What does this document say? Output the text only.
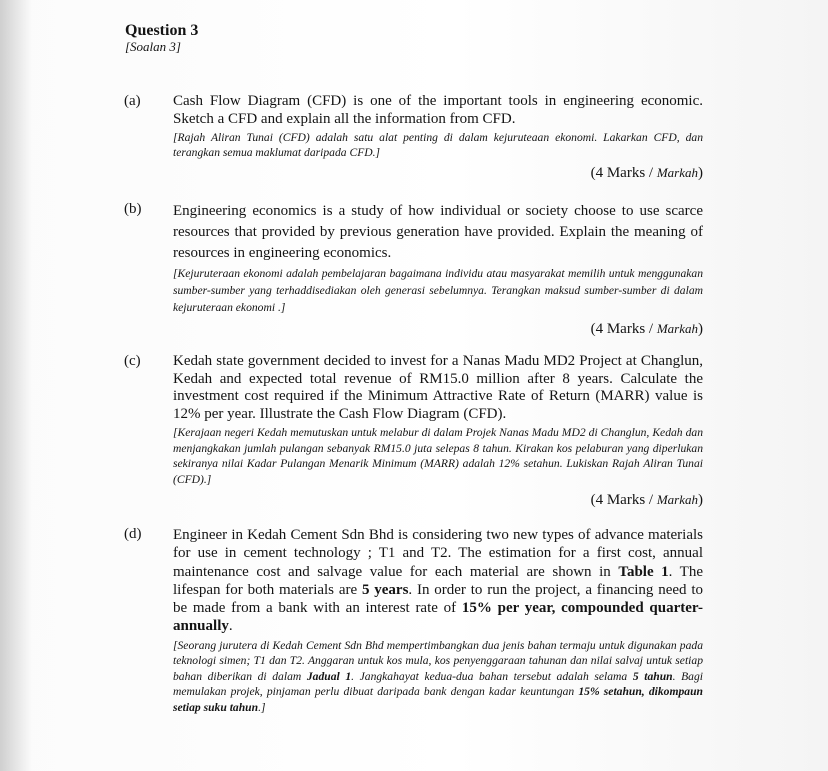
Question 3
[Soalan 3]
(a)	Cash Flow Diagram (CFD) is one of the important tools in engineering economic. Sketch a CFD and explain all the information from CFD.

[Rajah Aliran Tunai (CFD) adalah satu alat penting di dalam kejuruteaan ekonomi. Lakarkan CFD, dan terangkan semua maklumat daripada CFD.]

(4 Marks / Markah)

(b)	Engineering economics is a study of how individual or society choose to use scarce resources that provided by previous generation have provided. Explain the meaning of resources in engineering economics.

[Kejuruteraan ekonomi adalah pembelajaran bagaimana individu atau masyarakat memilih untuk menggunakan sumber-sumber yang terhaddisediakan oleh generasi sebelumnya. Terangkan maksud sumber-sumber di dalam kejuruteraan ekonomi .]

(4 Marks / Markah)

(c)	Kedah state government decided to invest for a Nanas Madu MD2 Project at Changlun, Kedah and expected total revenue of RM15.0 million after 8 years. Calculate the investment cost required if the Minimum Attractive Rate of Return (MARR) value is 12% per year. Illustrate the Cash Flow Diagram (CFD).

[Kerajaan negeri Kedah memutuskan untuk melabur di dalam Projek Nanas Madu MD2 di Changlun, Kedah dan menjangkakan jumlah pulangan sebanyak RM15.0 juta selepas 8 tahun. Kirakan kos pelaburan yang diperlukan sekiranya nilai Kadar Pulangan Menarik Minimum (MARR) adalah 12% setahun. Lukiskan Rajah Aliran Tunai (CFD).]

(4 Marks / Markah)

(d)	Engineer in Kedah Cement Sdn Bhd is considering two new types of advance materials for use in cement technology ; T1 and T2. The estimation for a first cost, annual maintenance cost and salvage value for each material are shown in Table 1. The lifespan for both materials are 5 years. In order to run the project, a financing need to be made from a bank with an interest rate of 15% per year, compounded quarter-annually.

[Seorang jurutera di Kedah Cement Sdn Bhd mempertimbangkan dua jenis bahan termaju untuk digunakan pada teknologi simen; T1 dan T2. Anggaran untuk kos mula, kos penyenggaraan tahunan dan nilai salvaj untuk setiap bahan diberikan di dalam Jadual 1. Jangkahayat kedua-dua bahan tersebut adalah selama 5 tahun. Bagi memulakan projek, pinjaman perlu dibuat daripada bank dengan kadar keuntungan 15% setahun, dikompaun setiap suku tahun.]
